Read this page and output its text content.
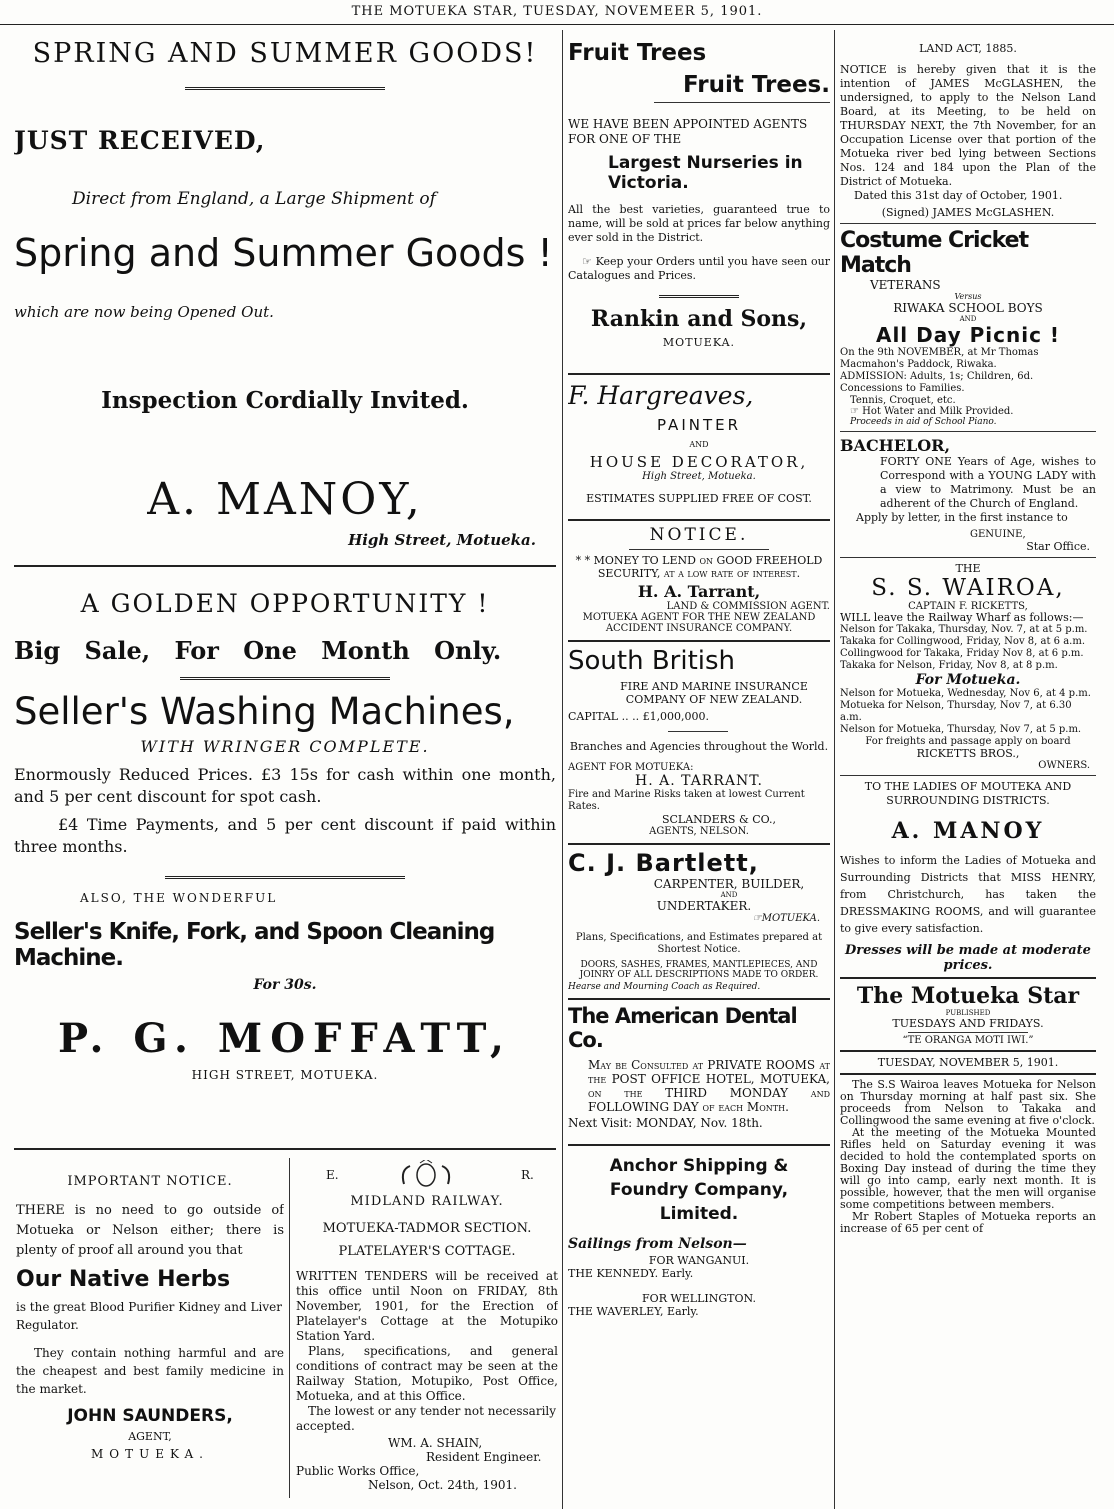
THE MOTUEKA STAR, TUESDAY, NOVEMEER 5, 1901.
SPRING AND SUMMER GOODS!
JUST RECEIVED,
Direct from England, a Large Shipment of
Spring and Summer Goods !
which are now being Opened Out.
Inspection Cordially Invited.
A. MANOY,
High Street, Motueka.
A GOLDEN OPPORTUNITY !
Big Sale, For One Month Only.
Seller's Washing Machines,
WITH WRINGER COMPLETE.
Enormously Reduced Prices. £3 15s for cash within one month, and 5 per cent discount for spot cash.
£4 Time Payments, and 5 per cent discount if paid within three months.
ALSO, THE WONDERFUL
Seller's Knife, Fork, and Spoon Cleaning Machine.
For 30s.
P. G. MOFFATT,
HIGH STREET, MOTUEKA.
IMPORTANT NOTICE.
THERE is no need to go outside of Motueka or Nelson either; there is plenty of proof all around you that
Our Native Herbs
is the great Blood Purifier Kidney and Liver Regulator.
They contain nothing harmful and are the cheapest and best family medicine in the market.
JOHN SAUNDERS,
AGENT,
MOTUEKA.
E.	R.
MIDLAND RAILWAY.
MOTUEKA-TADMOR SECTION.
PLATELAYER'S COTTAGE.
WRITTEN TENDERS will be received at this office until Noon on FRIDAY, 8th November, 1901, for the Erection of Platelayer's Cottage at the Motupiko Station Yard.
Plans, specifications, and general conditions of contract may be seen at the Railway Station, Motupiko, Post Office, Motueka, and at this Office.
The lowest or any tender not necessarily accepted.
WM. A. SHAIN,
Resident Engineer.
Public Works Office,
Nelson, Oct. 24th, 1901.
Fruit Trees
Fruit Trees.
WE HAVE BEEN APPOINTED AGENTS FOR ONE OF THE
Largest Nurseries in Victoria.
All the best varieties, guaranteed true to name, will be sold at prices far below anything ever sold in the District.
☞ Keep your Orders until you have seen our Catalogues and Prices.
Rankin and Sons,
MOTUEKA.
F. Hargreaves,
PAINTER
AND
HOUSE DECORATOR,
High Street, Motueka.
ESTIMATES SUPPLIED FREE OF COST.
NOTICE.
* * MONEY TO LEND on GOOD FREEHOLD SECURITY, at a low rate of interest.
H. A. Tarrant,
LAND & COMMISSION AGENT.
MOTUEKA AGENT FOR THE NEW ZEALAND ACCIDENT INSURANCE COMPANY.
South British
FIRE AND MARINE INSURANCE COMPANY OF NEW ZEALAND.
CAPITAL .. .. £1,000,000.
Branches and Agencies throughout the World.
AGENT FOR MOTUEKA:
H. A. TARRANT.
Fire and Marine Risks taken at lowest Current Rates.
SCLANDERS & CO.,
AGENTS, NELSON.
C. J. Bartlett,
CARPENTER, BUILDER,
AND
UNDERTAKER.
☞MOTUEKA.
Plans, Specifications, and Estimates prepared at Shortest Notice.
DOORS, SASHES, FRAMES, MANTLEPIECES, AND JOINRY OF ALL DESCRIPTIONS MADE TO ORDER.
Hearse and Mourning Coach as Required.
The American Dental Co.
May be Consulted at PRIVATE ROOMS at the POST OFFICE HOTEL, MOTUEKA, on the THIRD MONDAY and FOLLOWING DAY of each Month.
Next Visit: MONDAY, Nov. 18th.
Anchor Shipping & Foundry Company, Limited.
Sailings from Nelson—
FOR WANGANUI.
THE KENNEDY. Early.
FOR WELLINGTON.
THE WAVERLEY, Early.
LAND ACT, 1885.
NOTICE is hereby given that it is the intention of JAMES McGLASHEN, the undersigned, to apply to the Nelson Land Board, at its Meeting, to be held on THURSDAY NEXT, the 7th November, for an Occupation License over that portion of the Motueka river bed lying between Sections Nos. 124 and 184 upon the Plan of the District of Motueka.
Dated this 31st day of October, 1901.
(Signed) JAMES McGLASHEN.
Costume Cricket Match
VETERANS
Versus
RIWAKA SCHOOL BOYS
AND
All Day Picnic !
On the 9th NOVEMBER, at Mr Thomas Macmahon's Paddock, Riwaka.
ADMISSION: Adults, 1s; Children, 6d. Concessions to Families.
Tennis, Croquet, etc.
☞ Hot Water and Milk Provided.
Proceeds in aid of School Piano.
BACHELOR,
FORTY ONE Years of Age, wishes to Correspond with a YOUNG LADY with a view to Matrimony. Must be an adherent of the Church of England.
Apply by letter, in the first instance to
GENUINE,
Star Office.
THE
S. S. WAIROA,
CAPTAIN F. RICKETTS,
WILL leave the Railway Wharf as follows:—
Nelson for Takaka, Thursday, Nov. 7, at at 5 p.m.
Takaka for Collingwood, Friday, Nov 8, at 6 a.m.
Collingwood for Takaka, Friday Nov 8, at 6 p.m.
Takaka for Nelson, Friday, Nov 8, at 8 p.m.
For Motueka.
Nelson for Motueka, Wednesday, Nov 6, at 4 p.m.
Motueka for Nelson, Thursday, Nov 7, at 6.30 a.m.
Nelson for Motueka, Thursday, Nov 7, at 5 p.m.
For freights and passage apply on board
RICKETTS BROS.,
OWNERS.
TO THE LADIES OF MOUTEKA AND SURROUNDING DISTRICTS.
A. MANOY
Wishes to inform the Ladies of Motueka and Surrounding Districts that MISS HENRY, from Christchurch, has taken the DRESSMAKING ROOMS, and will guarantee to give every satisfaction.
Dresses will be made at moderate prices.
The Motueka Star
PUBLISHED
TUESDAYS AND FRIDAYS.
“TE ORANGA MOTI IWI.”
TUESDAY, NOVEMBER 5, 1901.
The S.S Wairoa leaves Motueka for Nelson on Thursday morning at half past six. She proceeds from Nelson to Takaka and Collingwood the same evening at five o'clock.
At the meeting of the Motueka Mounted Rifles held on Saturday evening it was decided to hold the contemplated sports on Boxing Day instead of during the time they will go into camp, early next month. It is possible, however, that the men will organise some competitions between members.
Mr Robert Staples of Motueka reports an increase of 65 per cent of
